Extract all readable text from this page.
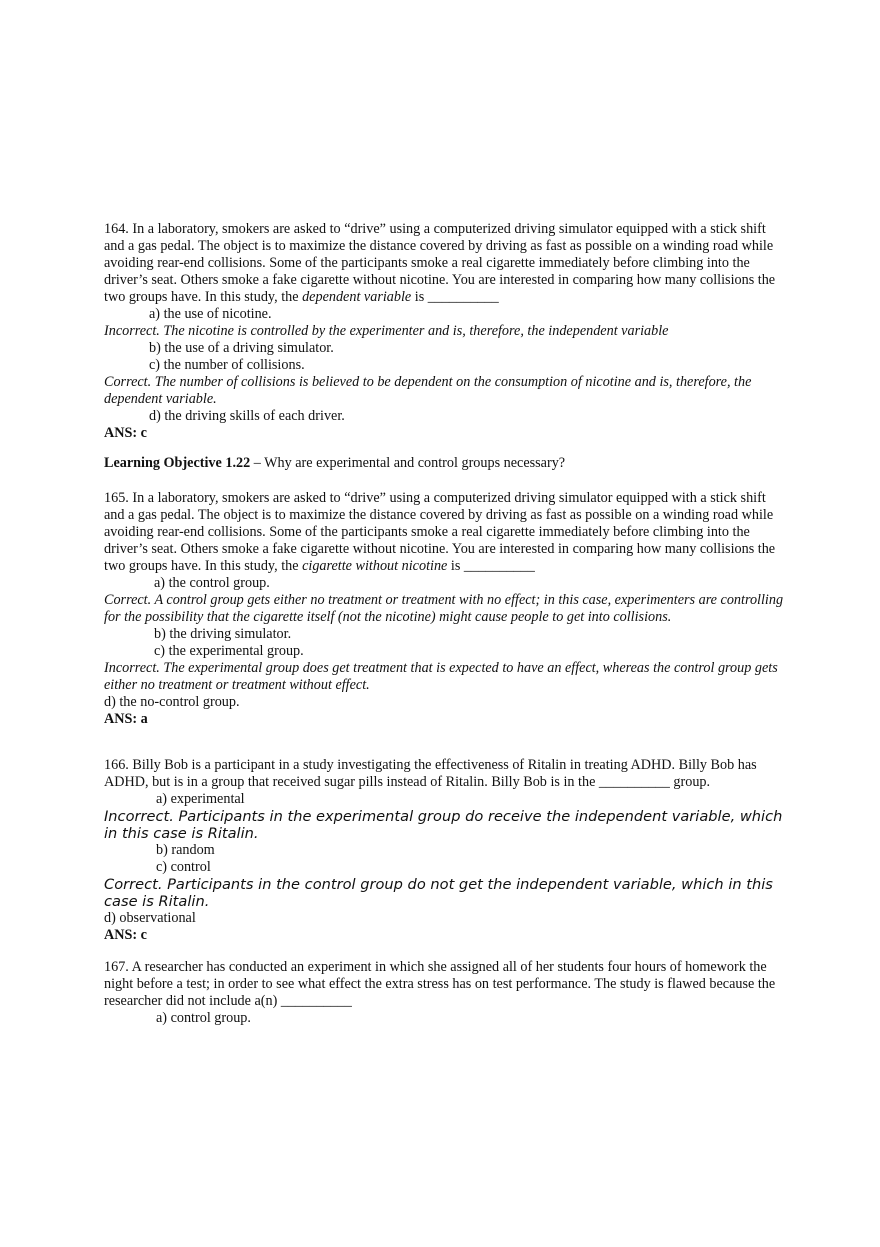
164. In a laboratory, smokers are asked to “drive” using a computerized driving simulator equipped with a stick shift and a gas pedal. The object is to maximize the distance covered by driving as fast as possible on a winding road while avoiding rear-end collisions. Some of the participants smoke a real cigarette immediately before climbing into the driver’s seat. Others smoke a fake cigarette without nicotine. You are interested in comparing how many collisions the two groups have. In this study, the dependent variable is __________

a) the use of nicotine.

Incorrect. The nicotine is controlled by the experimenter and is, therefore, the independent variable

b) the use of a driving simulator.

c) the number of collisions.

Correct. The number of collisions is believed to be dependent on the consumption of nicotine and is, therefore, the dependent variable.

d) the driving skills of each driver.

ANS: c

Learning Objective 1.22 – Why are experimental and control groups necessary?

165. In a laboratory, smokers are asked to “drive” using a computerized driving simulator equipped with a stick shift and a gas pedal. The object is to maximize the distance covered by driving as fast as possible on a winding road while avoiding rear-end collisions. Some of the participants smoke a real cigarette immediately before climbing into the driver’s seat. Others smoke a fake cigarette without nicotine. You are interested in comparing how many collisions the two groups have. In this study, the cigarette without nicotine is __________

a) the control group.

Correct. A control group gets either no treatment or treatment with no effect; in this case, experimenters are controlling for the possibility that the cigarette itself (not the nicotine) might cause people to get into collisions.

b) the driving simulator.

c) the experimental group.

Incorrect. The experimental group does get treatment that is expected to have an effect, whereas the control group gets either no treatment or treatment without effect.

d) the no-control group.

ANS: a

166. Billy Bob is a participant in a study investigating the effectiveness of Ritalin in treating ADHD. Billy Bob has ADHD, but is in a group that received sugar pills instead of Ritalin. Billy Bob is in the __________ group.

a) experimental

Incorrect. Participants in the experimental group do receive the independent variable, which in this case is Ritalin.

b) random

c) control

Correct. Participants in the control group do not get the independent variable, which in this case is Ritalin.

d) observational

ANS: c

167. A researcher has conducted an experiment in which she assigned all of her students four hours of homework the night before a test; in order to see what effect the extra stress has on test performance. The study is flawed because the researcher did not include a(n) __________

a) control group.
